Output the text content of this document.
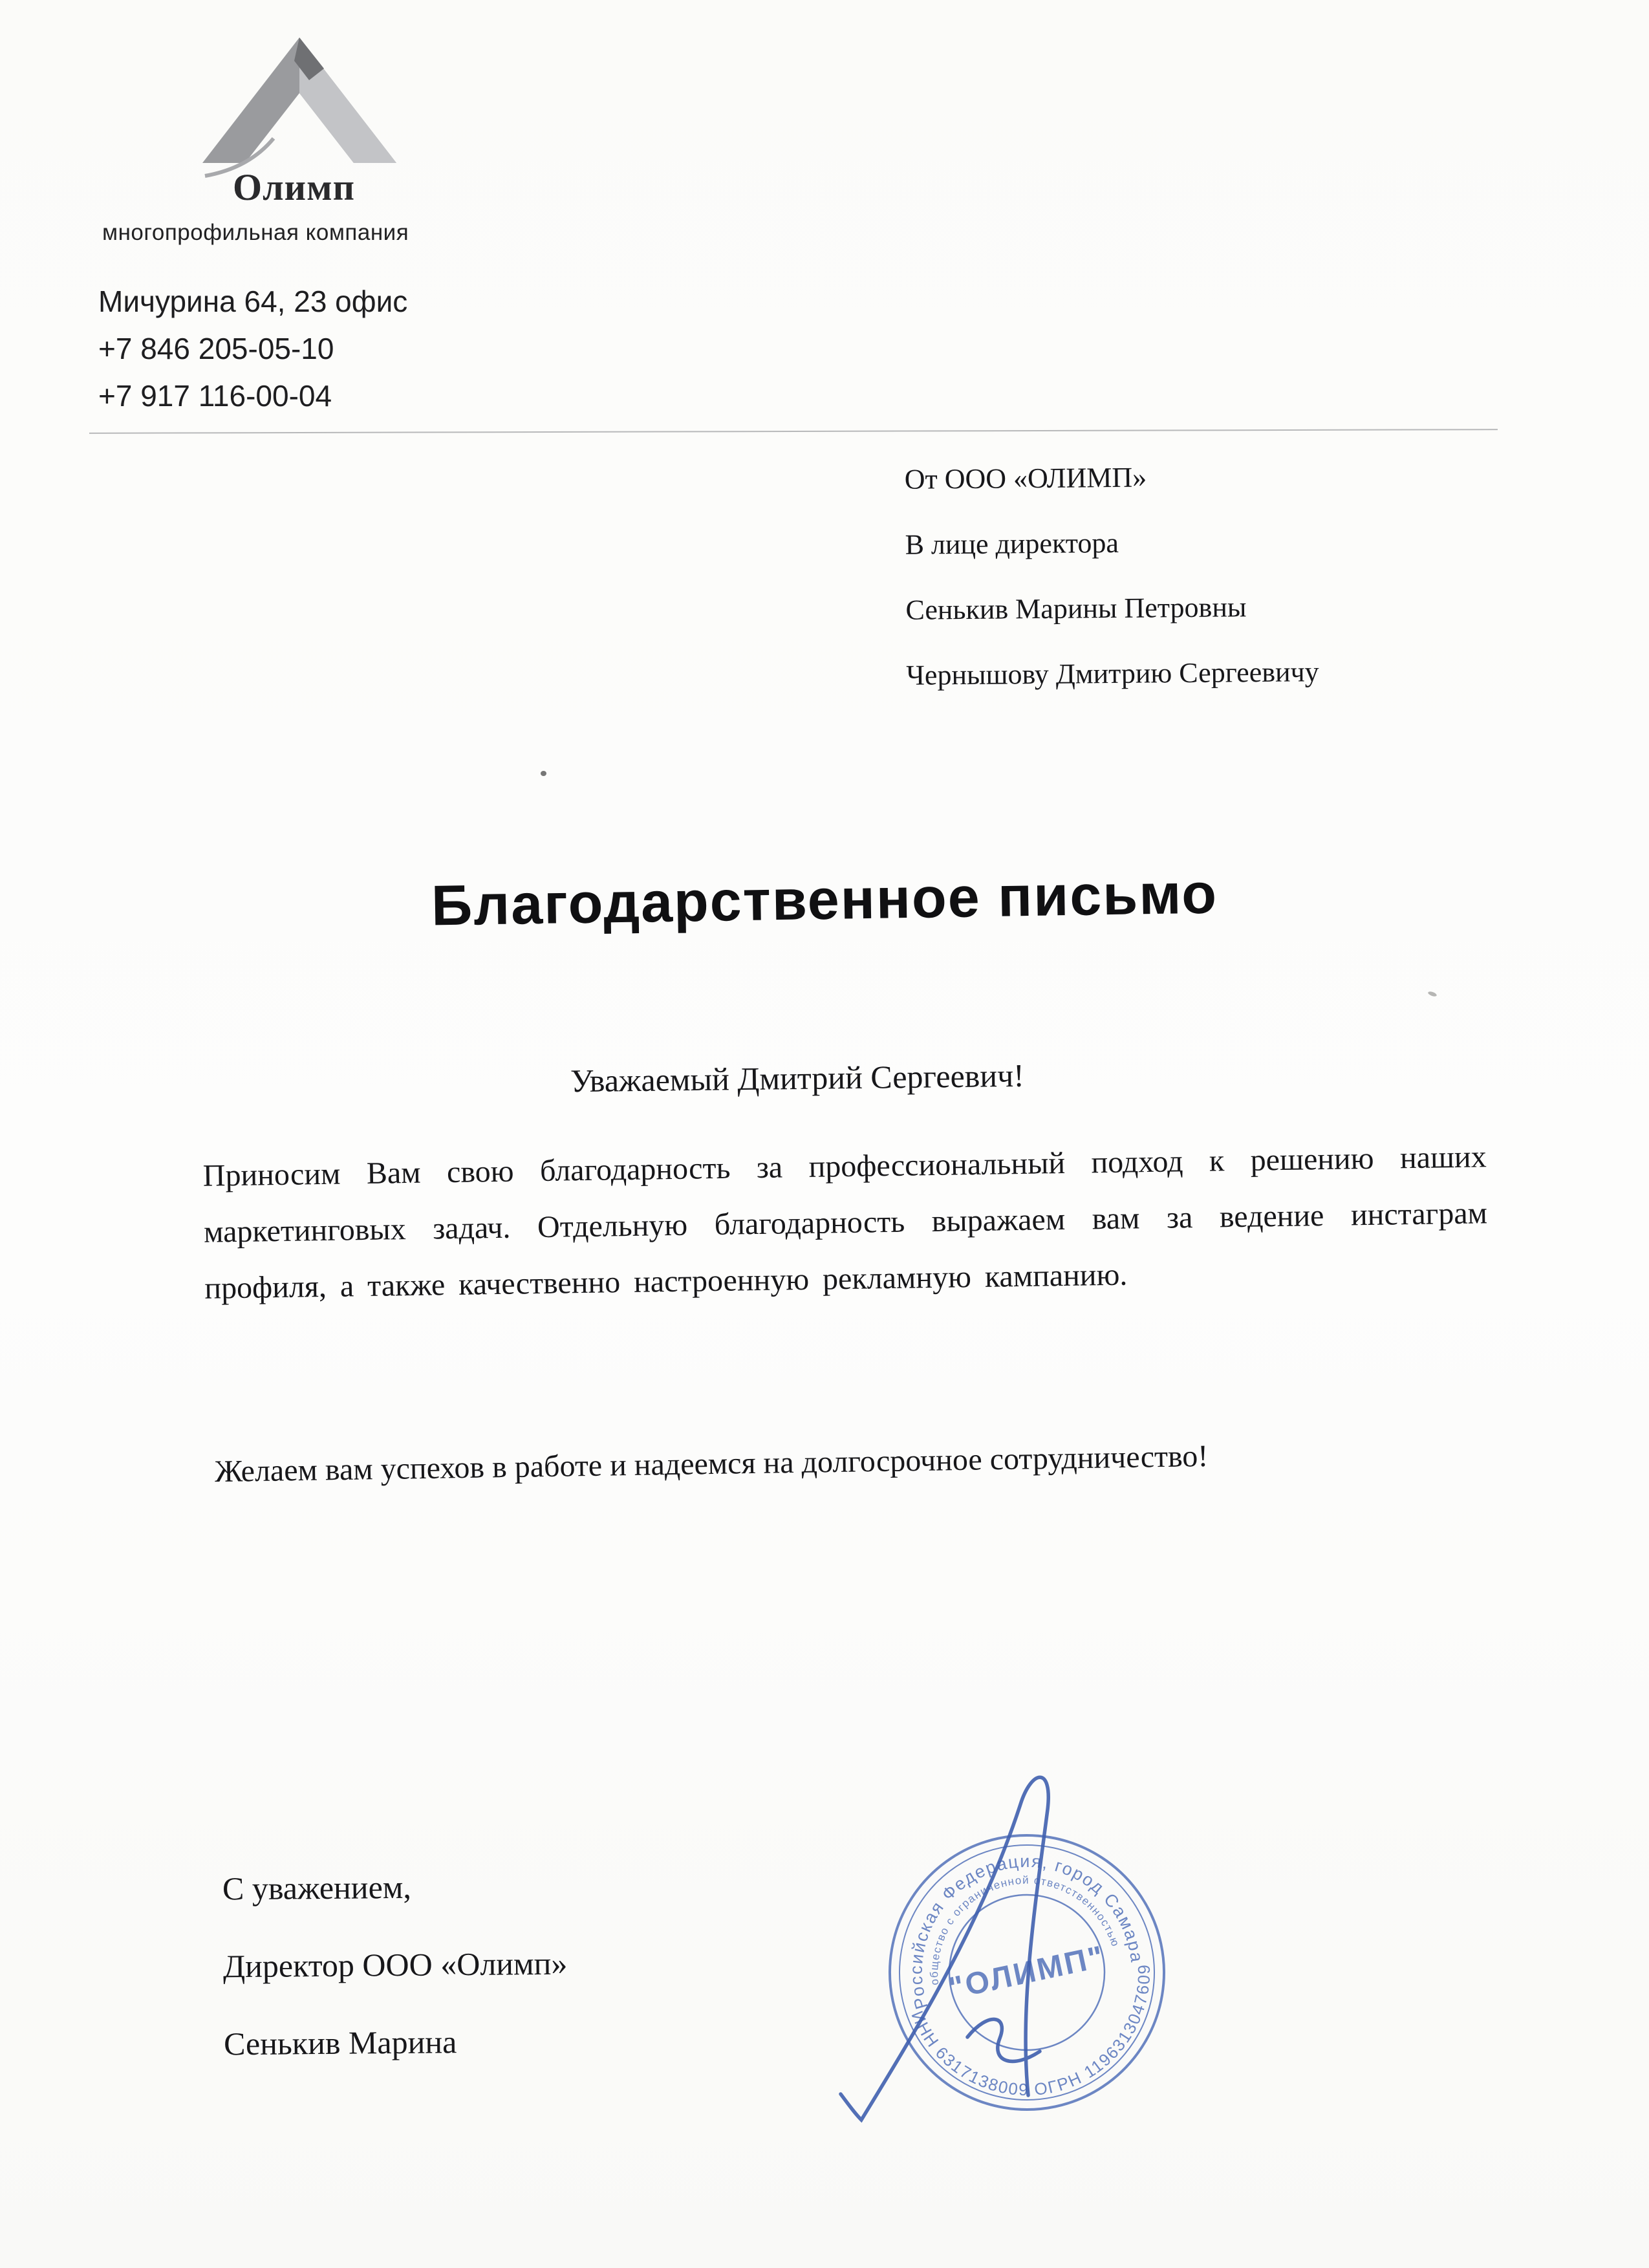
Олимп
многопрофильная компания
Мичурина 64, 23 офис
+7 846 205-05-10
+7 917 116-00-04
От ООО «ОЛИМП»
В лице директора
Сенькив Марины Петровны
Чернышову Дмитрию Сергеевичу
Благодарственное письмо
Уважаемый Дмитрий Сергеевич!
Приносим Вам свою благодарность за профессиональный подход к решению наших маркетинговых задач. Отдельную благодарность выражаем вам за ведение инстаграм профиля, а также качественно настроенную рекламную кампанию.
Желаем вам успехов в работе и надеемся на долгосрочное сотрудничество!
С уважением,
Директор ООО «Олимп»
Сенькив Марина
Российская Федерация, город Самара
ИНН 6317138009 ОГРН 1196313047609
общество с ограниченной ответственностью
"ОЛИМП"
